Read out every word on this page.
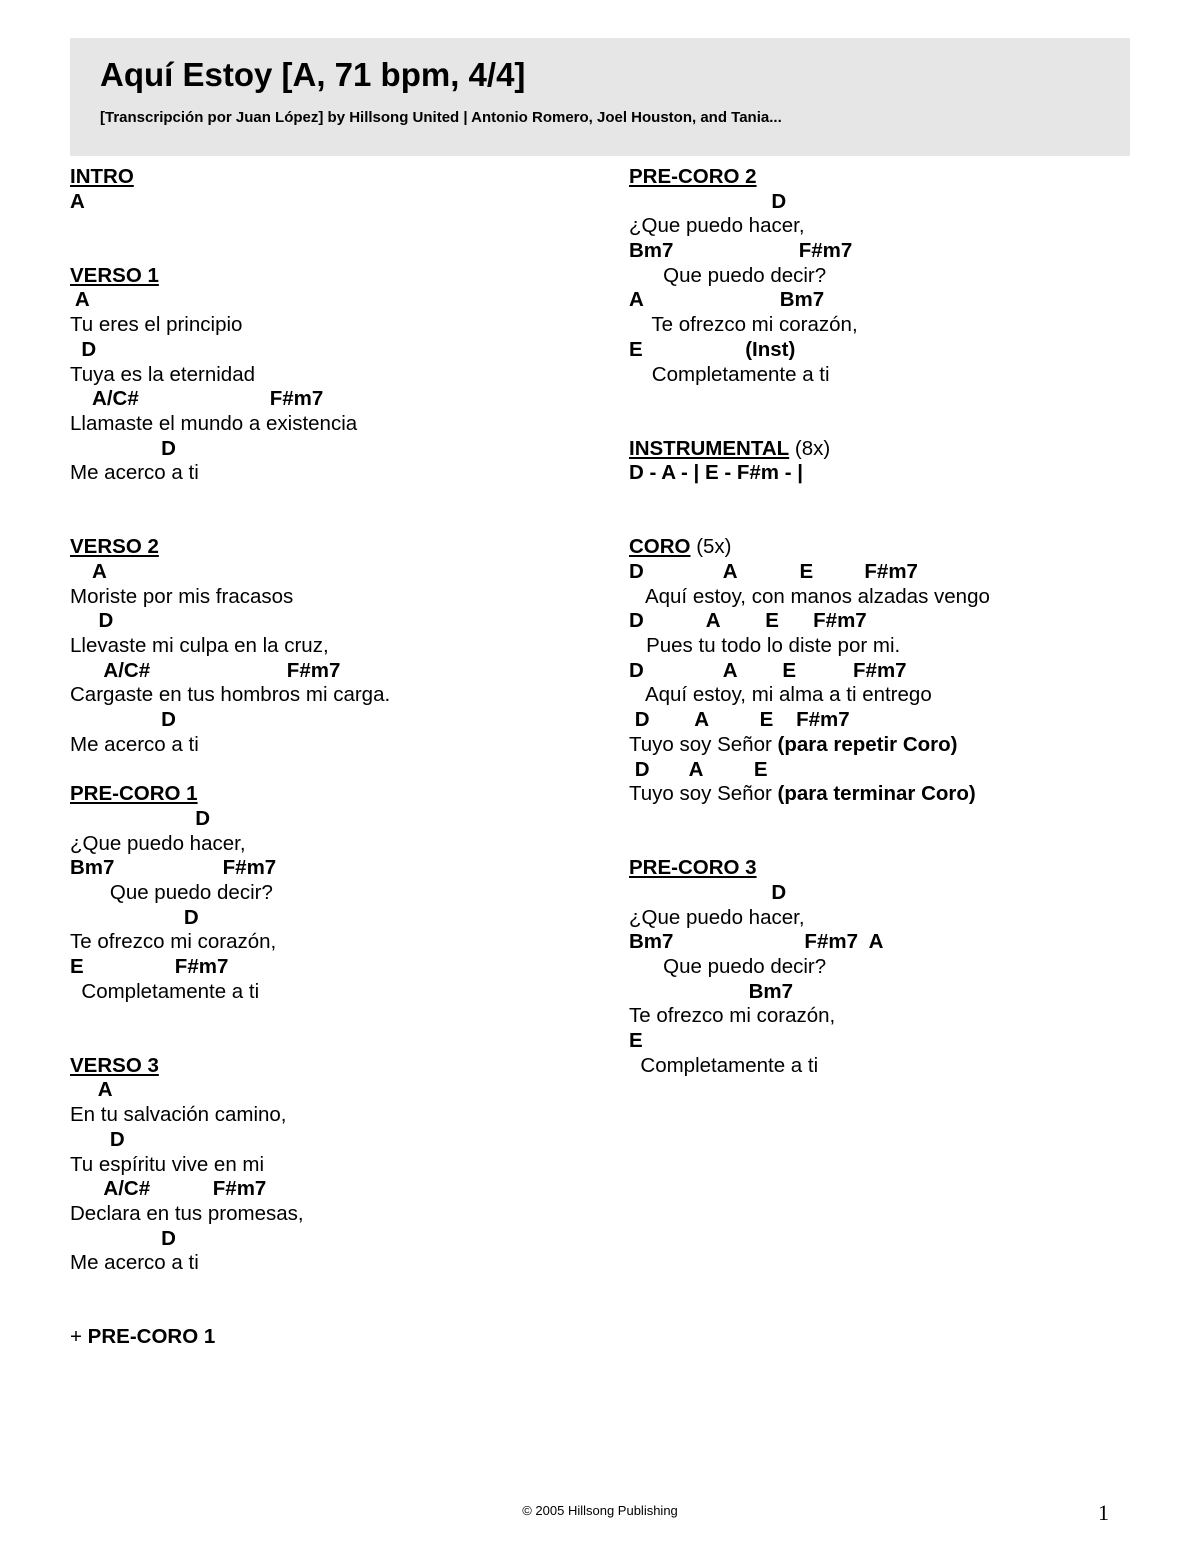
Aquí Estoy [A, 71 bpm, 4/4]
[Transcripción por Juan López] by Hillsong United | Antonio Romero, Joel Houston, and Tania...
INTRO
A
VERSO 1
A
Tu eres el principio
D
Tuya es la eternidad
A/C#                       F#m7
Llamaste el mundo a existencia
D
Me acerco a ti
VERSO 2
A
Moriste por mis fracasos
D
Llevaste mi culpa en la cruz,
A/C#                        F#m7
Cargaste en tus hombros mi carga.
D
Me acerco a ti
PRE-CORO 1
D
¿Que puedo hacer,
Bm7                   F#m7
Que puedo decir?
D
Te ofrezco mi corazón,
E                F#m7
Completamente a ti
VERSO 3
A
En tu salvación camino,
D
Tu espíritu vive en mi
A/C#           F#m7
Declara en tus promesas,
D
Me acerco a ti
+ PRE-CORO 1
PRE-CORO 2
D
¿Que puedo hacer,
Bm7                      F#m7
Que puedo decir?
A                        Bm7
Te ofrezco mi corazón,
E                  (Inst)
Completamente a ti
INSTRUMENTAL (8x)
D - A - | E - F#m - |
CORO (5x)
D              A           E         F#m7
Aquí estoy, con manos alzadas vengo
D           A        E      F#m7
Pues tu todo lo diste por mi.
D              A        E          F#m7
Aquí estoy, mi alma a ti entrego
D        A         E    F#m7
Tuyo soy Señor (para repetir Coro)
D       A         E
Tuyo soy Señor (para terminar Coro)
PRE-CORO 3
D
¿Que puedo hacer,
Bm7                       F#m7  A
Que puedo decir?
Bm7
Te ofrezco mi corazón,
E
Completamente a ti
© 2005 Hillsong Publishing	1
